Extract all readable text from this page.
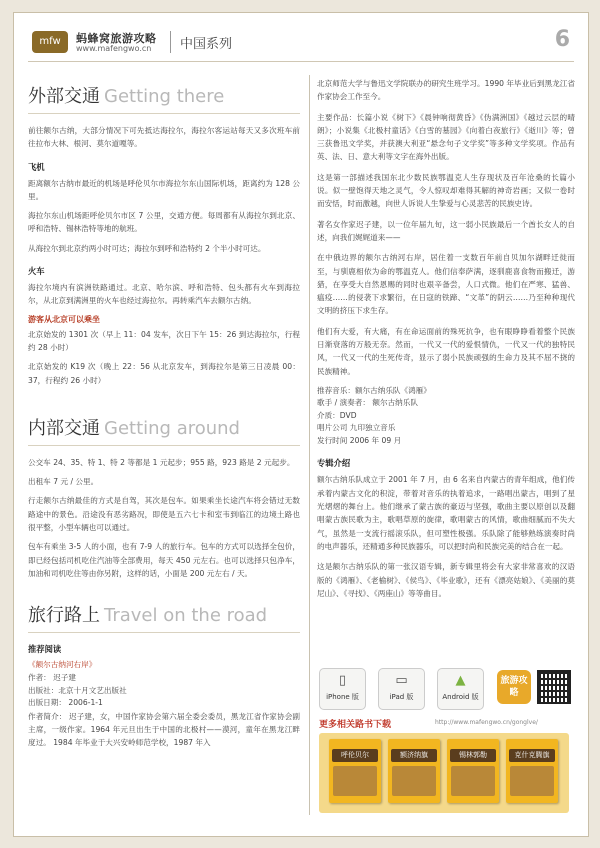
mfw	蚂蜂窝旅游攻略
www.mafengwo.cn 中国系列	6
外部交通 Getting there

前往额尔古纳，大部分情况下可先抵达海拉尔，海拉尔客运站每天又多次班车前往拉布大林、根河、莫尔道嘎等。

飞机

距离额尔古纳市最近的机场是呼伦贝尔市海拉尔东山国际机场，距离约为 128 公里。

海拉尔东山机场距呼伦贝尔市区 7 公里，交通方便。每周都有从海拉尔到北京、呼和浩特、锡林浩特等地的航班。

从海拉尔到北京约两小时可达；海拉尔到呼和浩特约 2 个半小时可达。

火车

海拉尔境内有滨洲铁路通过。北京、哈尔滨、呼和浩特、包头都有火车到海拉尔，从北京到满洲里的火车也经过海拉尔。再转乘汽车去额尔古纳。

游客从北京可以乘坐

北京始发的 1301 次（早上 11：04 发车，次日下午 15：26 到达海拉尔，行程约 28 小时）

北京始发的 K19 次（晚上 22：56 从北京发车，到海拉尔是第三日凌晨 00：37，行程约 26 小时）

内部交通 Getting around

公交车 24、35、特 1、特 2 等都是 1 元起步；955 路，923 路是 2 元起步。

出租车 7 元 / 公里。

行走额尔古纳最佳的方式是自驾，其次是包车。如果乘坐长途汽车将会错过无数路途中的景色。沿途没有恶劣路况，即使是五六七卡和室韦到临江的边境土路也很平整，小型车辆也可以通过。

包车有乘坐 3-5 人的小面，也有 7-9 人的旅行车。包车的方式可以选择全包价，即已经包括司机吃住汽油等全部费用，每天 450 元左右。也可以选择只包净车，加油和司机吃住等由你另附，这样的话，小面是 200 元左右 / 天。

旅行路上 Travel on the road
推荐阅读

《额尔古纳河右岸》

作者： 迟子建

出版社：北京十月文艺出版社

出版日期： 2006-1-1

作者简介： 迟子建，女，中国作家协会第六届全委会委员，黑龙江省作家协会副主席，一级作家。1964 年元旦出生于中国的北极村——漠河，童年在黑龙江畔度过。 1984 年毕业于大兴安岭师范学校，1987 年入

北京师范大学与鲁迅文学院联办的研究生班学习。1990 年毕业后到黑龙江省作家协会工作至今。

主要作品：长篇小说《树下》《晨钟响彻黄昏》《伪满洲国》《越过云层的晴朗》；小说集《北极村童话》《白雪的墓园》《向着白夜旅行》《逝川》等；曾三获鲁迅文学奖，并获澳大利亚“悬念句子文学奖”等多种文学奖项。作品有英、法、日、意大利等文字在海外出版。

这是第一部描述我国东北少数民族鄂温克人生存现状及百年沧桑的长篇小说。似一壁饱得天地之灵气，令人惊叹却难得其解的神奇岩画；又似一卷时而安恬，时而激越，向世人诉说人生挚爱与心灵悲苦的民族史诗。

著名女作家迟子建，以一位年届九旬，这一弱小民族最后一个酋长女人的自述，向我们娓娓道来——

在中俄边界的额尔古纳河右岸，居住着一支数百年前自贝加尔湖畔迁徙而至，与驯鹿相依为命的鄂温克人。他们信奉萨满，逐驯鹿喜食物而搬迁，游猎，在享受大自然恩赐的同时也艰辛备尝，人口式微。他们在严寒、猛兽、瘟疫……的侵袭下求繁衍，在日寇的铁蹄、“文革”的阴云……乃至种种现代文明的挤压下求生存。

他们有大爱，有大痛，有在命运面前的殊死抗争，也有眼睁睁看着整个民族日渐衰落的万般无奈。然而，一代又一代的爱恨情仇，一代又一代的独特民风，一代又一代的生死传奇，显示了弱小民族顽强的生命力及其不屈不挠的民族精神。

推荐音乐：额尔古纳乐队《鸿雁》

歌手 / 演奏者： 额尔古纳乐队

介质：DVD

唱片公司 九印独立音乐

发行时间 2006 年 09 月

专辑介绍

额尔古纳乐队成立于 2001 年 7 月，由 6 名来自内蒙古的青年组成，他们传承着内蒙古文化的积淀，带着对音乐的执着追求，一路唱出蒙古，唱到了星光熠熠的舞台上。他们继承了蒙古族的豪迈与坚强，歌曲主要以原创以及翻唱蒙古族民歌为主，歌唱草原的旋律，歌唱蒙古的风情，歌曲细腻而不失大气，虽然是一支流行摇滚乐队，但可塑性极强。乐队除了能够熟练演奏时尚的电声器乐，还精通多种民族器乐，可以把时尚和民族完美的结合在一起。

这是额尔古纳乐队的第一张汉语专辑，新专辑里将会有大家非常喜欢的汉语版的《鸿雁》、《老榆树》、《侯鸟》、《毕业歌》，还有《漂亮姑娘》、《美丽的莫尼山》、《寻找》、《两座山》等等曲目。

▯
iPhone 版
▭
iPad 版
▲
Android 版
旅游攻略
更多相关路书下载	http://www.mafengwo.cn/gonglve/
呼伦贝尔	额济纳旗	锡林郭勒	克什克腾旗
